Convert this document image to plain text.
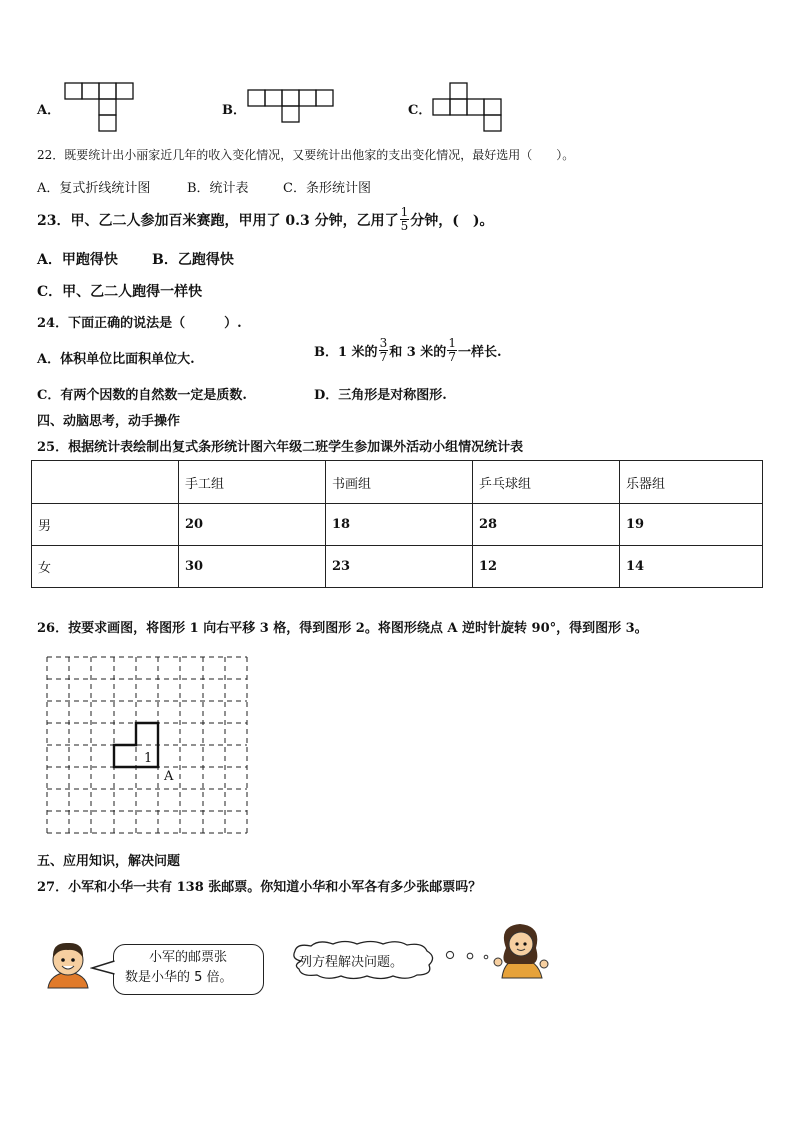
A．	B．	C．
22．既要统计出小丽家近几年的收入变化情况，又要统计出他家的支出变化情况，最好选用（　　）。
A．复式折线统计图	B．统计表	C．条形统计图
23．甲、乙二人参加百米赛跑，甲用了 0.3 分钟，乙用了 $\frac{1}{5}$ 分钟，(　)。
A．甲跑得快 B．乙跑得快
C．甲、乙二人跑得一样快
24．下面正确的说法是（　　　）.
A．体积单位比面积单位大.	B．1 米的 $\frac{3}{7}$ 和 3 米的 $\frac{1}{7}$ 一样长.
C．有两个因数的自然数一定是质数.	D．三角形是对称图形.
四、动脑思考，动手操作
25．根据统计表绘制出复式条形统计图六年级二班学生参加课外活动小组情况统计表
	手工组	书画组	乒乓球组	乐器组
男	20	18	28	19
女	30	23	12	14
26．按要求画图，将图形 1 向右平移 3 格，得到图形 2。将图形绕点 A 逆时针旋转 90°，得到图形 3。
1
A
五、应用知识，解决问题
27．小军和小华一共有 138 张邮票。你知道小华和小军各有多少张邮票吗？
小军的邮票张
数是小华的 5 倍。
列方程解决问题。
